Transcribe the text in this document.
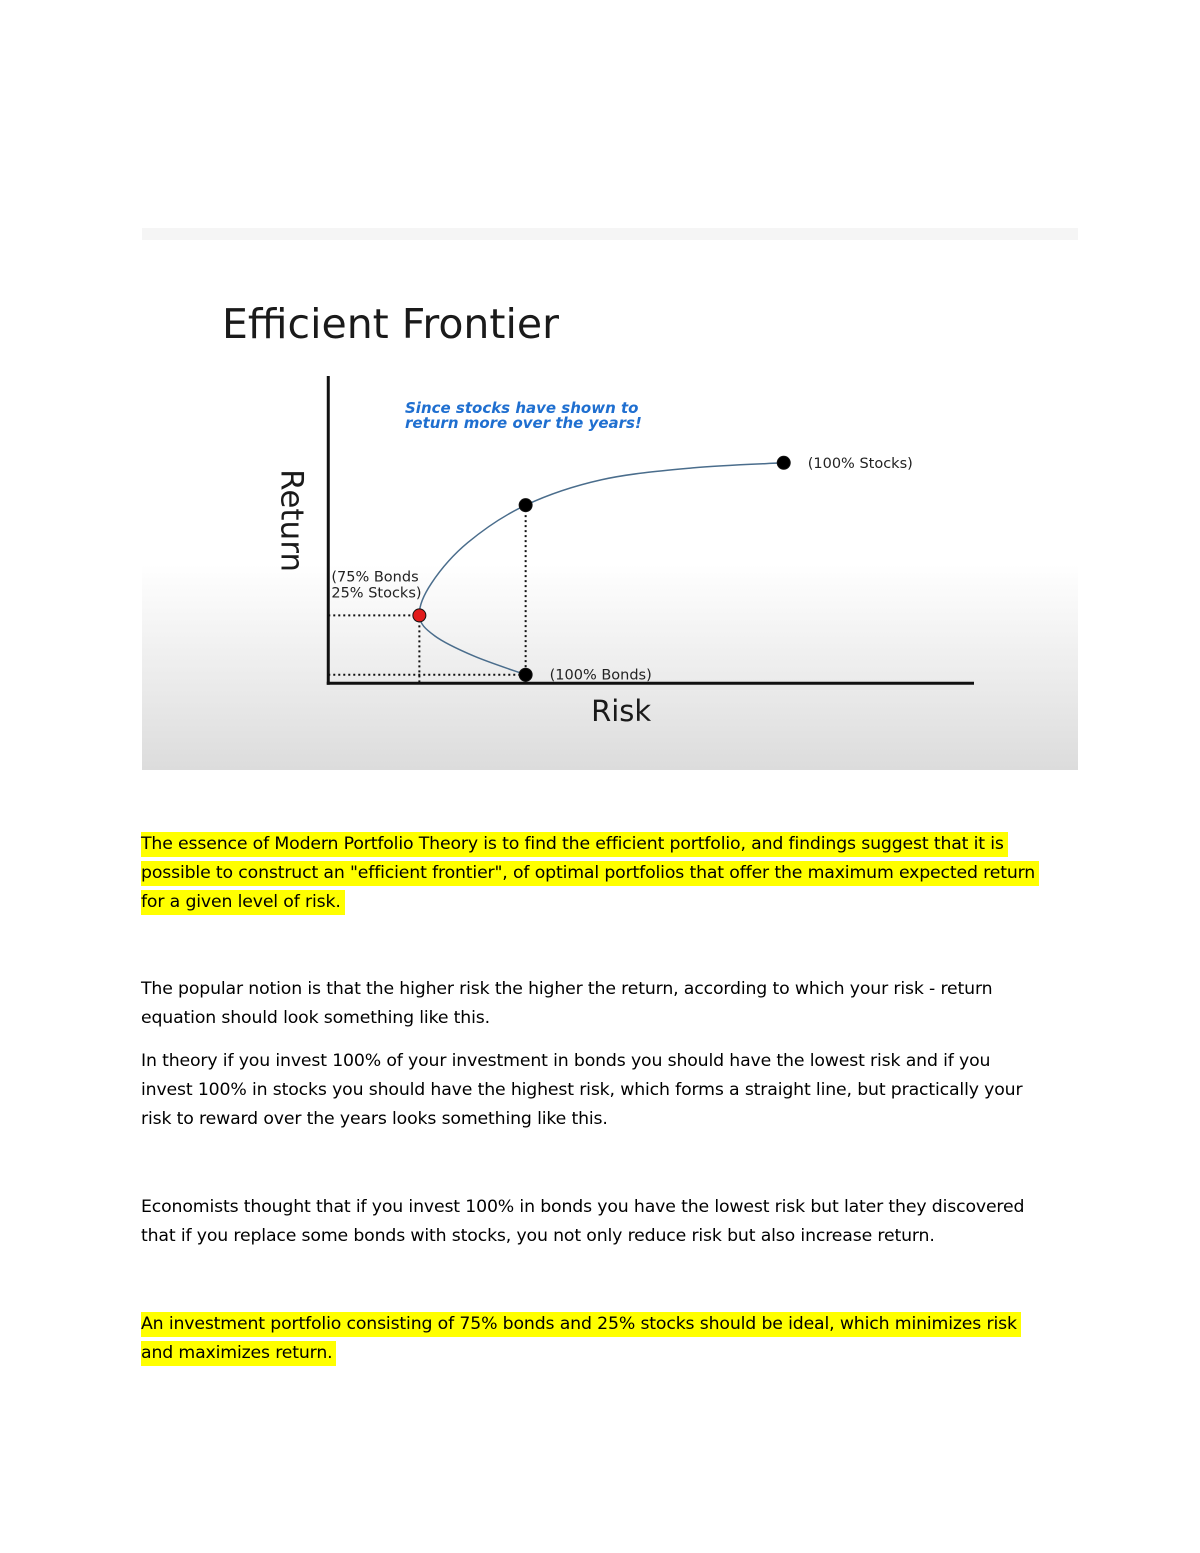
Efficient Frontier
Return
Risk
(100% Bonds)
(75% Bonds
25% Stocks)
(100% Stocks)
Since stocks have shown to
return more over the years!

The essence of Modern Portfolio Theory is to find the efficient portfolio, and findings suggest that it is possible to construct an "efficient frontier", of optimal portfolios that offer the maximum expected return for a given level of risk.

The popular notion is that the higher risk the higher the return, according to which your risk - return equation should look something like this.

In theory if you invest 100% of your investment in bonds you should have the lowest risk and if you invest 100% in stocks you should have the highest risk, which forms a straight line, but practically your risk to reward over the years looks something like this.

Economists thought that if you invest 100% in bonds you have the lowest risk but later they discovered that if you replace some bonds with stocks, you not only reduce risk but also increase return.

An investment portfolio consisting of 75% bonds and 25% stocks should be ideal, which minimizes risk and maximizes return.
